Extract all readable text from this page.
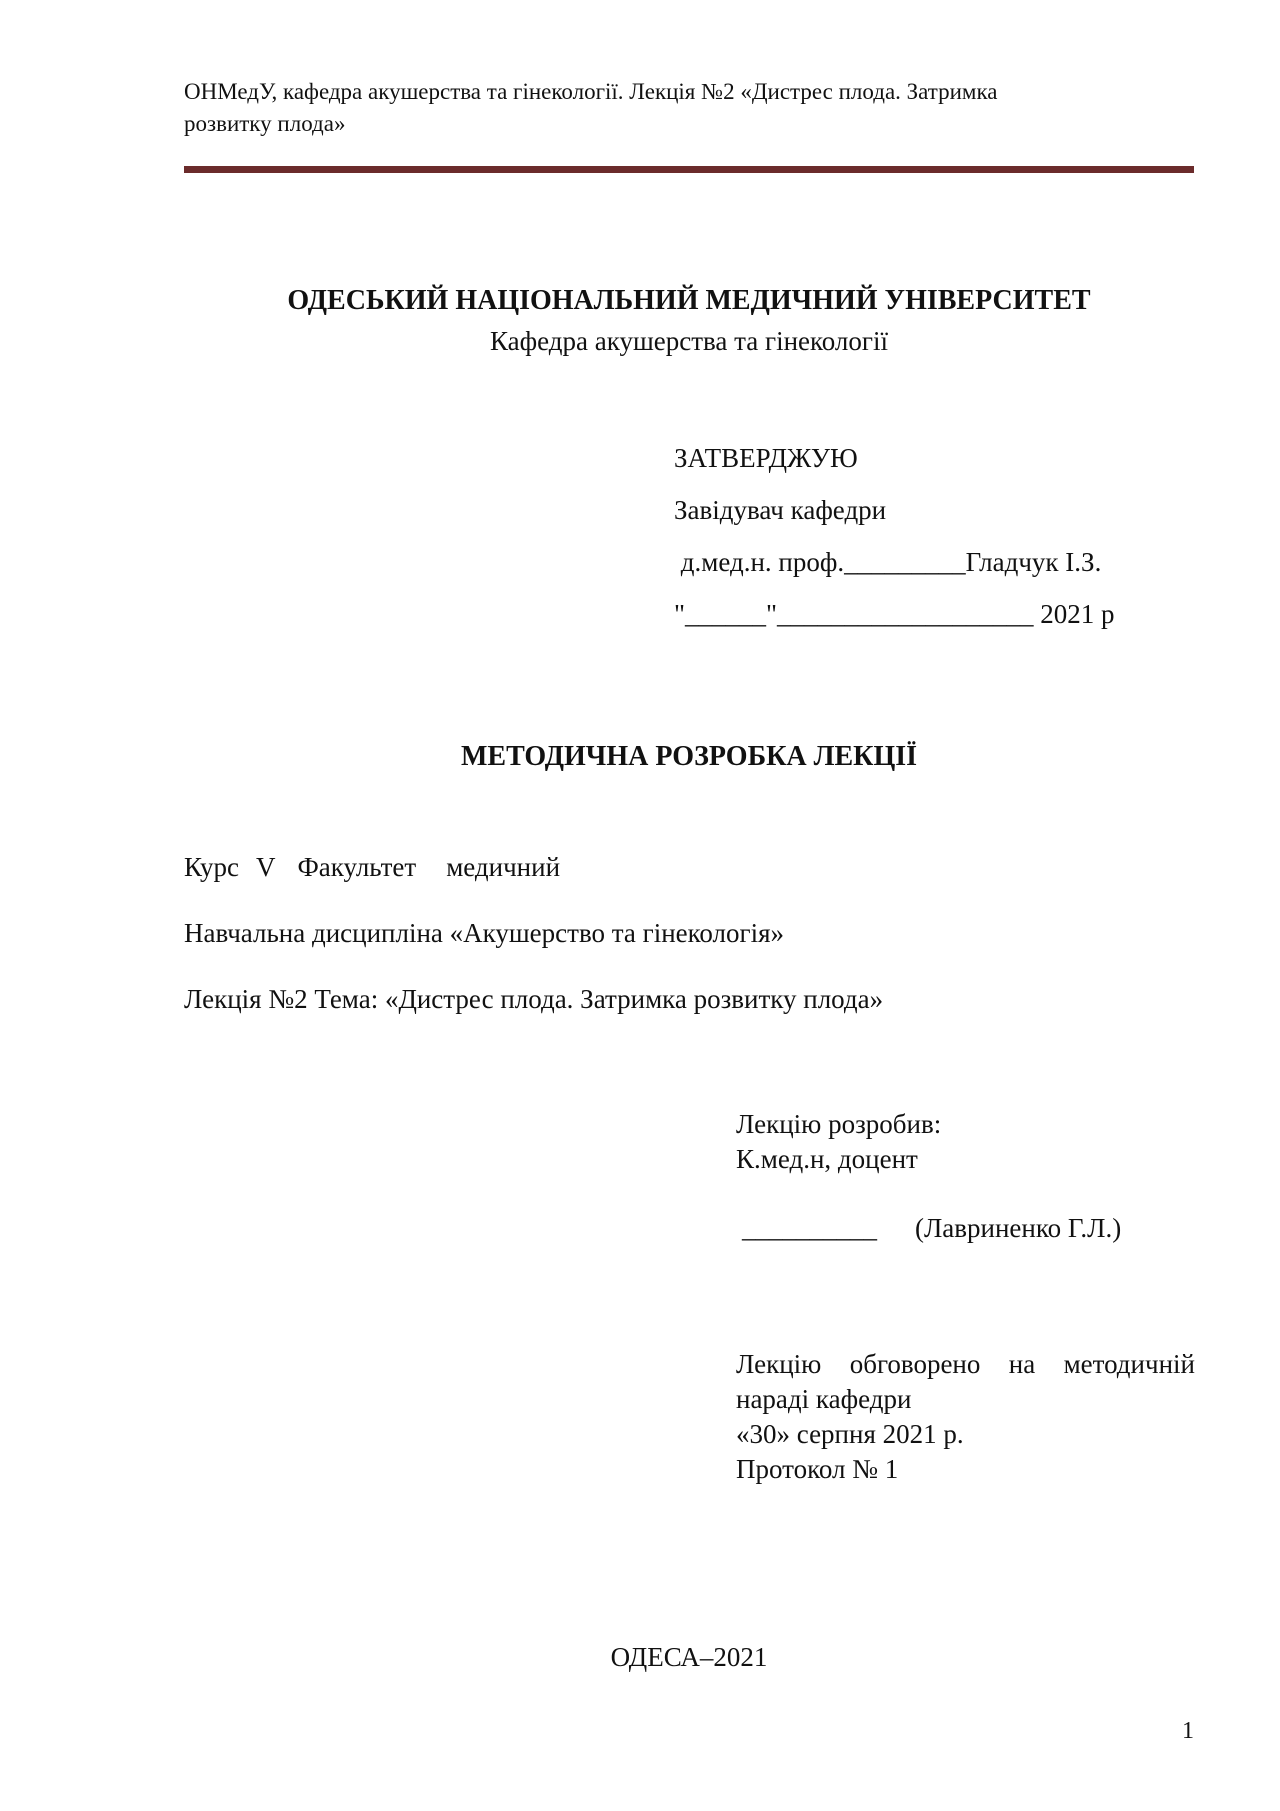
ОНМедУ, кафедра акушерства та гінекології. Лекція №2 «Дистрес плода. Затримка
розвитку плода»
ОДЕСЬКИЙ НАЦІОНАЛЬНИЙ МЕДИЧНИЙ УНІВЕРСИТЕТ
Кафедра акушерства та гінекології
ЗАТВЕРДЖУЮ
Завідувач кафедри
д.мед.н. проф._________Гладчук І.З.
"______"___________________ 2021 р
МЕТОДИЧНА РОЗРОБКА ЛЕКЦІЇ
Курс V Факультет медичний
Навчальна дисципліна «Акушерство та гінекологія»
Лекція №2 Тема: «Дистрес плода. Затримка розвитку плода»
Лекцію розробив:
К.мед.н, доцент
__________ (Лавриненко Г.Л.)
Лекцію обговорено на методичній
нараді кафедри
«30» серпня 2021 р.
Протокол № 1
ОДЕСА–2021
1
